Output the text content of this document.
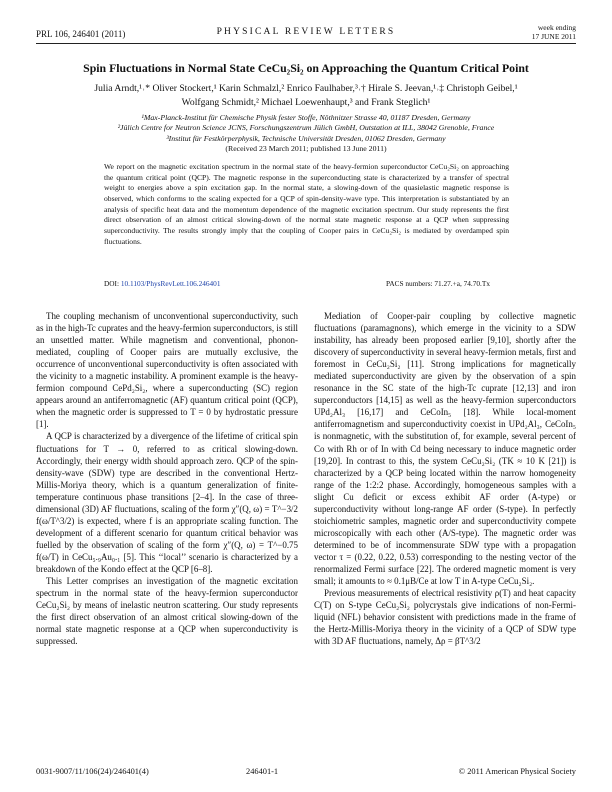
PRL 106, 246401 (2011)	PHYSICAL REVIEW LETTERS	week ending
17 JUNE 2011
Spin Fluctuations in Normal State CeCu₂Si₂ on Approaching the Quantum Critical Point
Julia Arndt,¹˒* Oliver Stockert,¹ Karin Schmalzl,² Enrico Faulhaber,³˒† Hirale S. Jeevan,¹˒‡ Christoph Geibel,¹
Wolfgang Schmidt,² Michael Loewenhaupt,³ and Frank Steglich¹
¹Max-Planck-Institut für Chemische Physik fester Stoffe, Nöthnitzer Strasse 40, 01187 Dresden, Germany
²Jülich Centre for Neutron Science JCNS, Forschungszentrum Jülich GmbH, Outstation at ILL, 38042 Grenoble, France
³Institut für Festkörperphysik, Technische Universität Dresden, 01062 Dresden, Germany
(Received 23 March 2011; published 13 June 2011)
We report on the magnetic excitation spectrum in the normal state of the heavy-fermion superconductor CeCu₂Si₂ on approaching the quantum critical point (QCP). The magnetic response in the superconducting state is characterized by a transfer of spectral weight to energies above a spin excitation gap. In the normal state, a slowing-down of the quasielastic magnetic response is observed, which conforms to the scaling expected for a QCP of spin-density-wave type. This interpretation is substantiated by an analysis of specific heat data and the momentum dependence of the magnetic excitation spectrum. Our study represents the first direct observation of an almost critical slowing-down of the normal state magnetic response at a QCP when suppressing superconductivity. The results strongly imply that the coupling of Cooper pairs in CeCu₂Si₂ is mediated by overdamped spin fluctuations.
DOI: 10.1103/PhysRevLett.106.246401	PACS numbers: 71.27.+a, 74.70.Tx

The coupling mechanism of unconventional superconductivity, such as in the high-Tc cuprates and the heavy-fermion superconductors, is still an unsettled matter. While magnetism and conventional, phonon-mediated, coupling of Cooper pairs are mutually exclusive, the occurrence of unconventional superconductivity is often associated with the vicinity to a magnetic instability. A prominent example is the heavy-fermion compound CePd₂Si₂, where a superconducting (SC) region appears around an antiferromagnetic (AF) quantum critical point (QCP), when the magnetic order is suppressed to T = 0 by hydrostatic pressure [1].

A QCP is characterized by a divergence of the lifetime of critical spin fluctuations for T → 0, referred to as critical slowing-down. Accordingly, their energy width should approach zero. QCP of the spin-density-wave (SDW) type are described in the conventional Hertz-Millis-Moriya theory, which is a quantum generalization of finite-temperature continuous phase transitions [2–4]. In the case of three-dimensional (3D) AF fluctuations, scaling of the form χ″(Q, ω) = T^−3/2 f(ω/T^3/2) is expected, where f is an appropriate scaling function. The development of a different scenario for quantum critical behavior was fuelled by the observation of scaling of the form χ″(Q, ω) = T^−0.75 f(ω/T) in CeCu₅.₉Au₀.₁ [5]. This ‘‘local’’ scenario is characterized by a breakdown of the Kondo effect at the QCP [6–8].

This Letter comprises an investigation of the magnetic excitation spectrum in the normal state of the heavy-fermion superconductor CeCu₂Si₂ by means of inelastic neutron scattering. Our study represents the first direct observation of an almost critical slowing-down of the normal state magnetic response at a QCP when superconductivity is suppressed.

Mediation of Cooper-pair coupling by collective magnetic fluctuations (paramagnons), which emerge in the vicinity to a SDW instability, has already been proposed earlier [9,10], shortly after the discovery of superconductivity in several heavy-fermion metals, first and foremost in CeCu₂Si₂ [11]. Strong implications for magnetically mediated superconductivity are given by the observation of a spin resonance in the SC state of the high-Tc cuprate [12,13] and iron superconductors [14,15] as well as the heavy-fermion superconductors UPd₂Al₃ [16,17] and CeCoIn₅ [18]. While local-moment antiferromagnetism and superconductivity coexist in UPd₂Al₃, CeCoIn₅ is nonmagnetic, with the substitution of, for example, several percent of Co with Rh or of In with Cd being necessary to induce magnetic order [19,20]. In contrast to this, the system CeCu₂Si₂ (TK ≈ 10 K [21]) is characterized by a QCP being located within the narrow homogeneity range of the 1:2:2 phase. Accordingly, homogeneous samples with a slight Cu deficit or excess exhibit AF order (A-type) or superconductivity without long-range AF order (S-type). In perfectly stoichiometric samples, magnetic order and superconductivity compete microscopically with each other (A/S-type). The magnetic order was determined to be of incommensurate SDW type with a propagation vector τ = (0.22, 0.22, 0.53) corresponding to the nesting vector of the renormalized Fermi surface [22]. The ordered magnetic moment is very small; it amounts to ≈ 0.1μB/Ce at low T in A-type CeCu₂Si₂.

Previous measurements of electrical resistivity ρ(T) and heat capacity C(T) on S-type CeCu₂Si₂ polycrystals give indications of non-Fermi-liquid (NFL) behavior consistent with predictions made in the frame of the Hertz-Millis-Moriya theory in the vicinity of a QCP of SDW type with 3D AF fluctuations, namely, Δρ = βT^3/2

0031-9007/11/106(24)/246401(4)	246401-1	© 2011 American Physical Society
